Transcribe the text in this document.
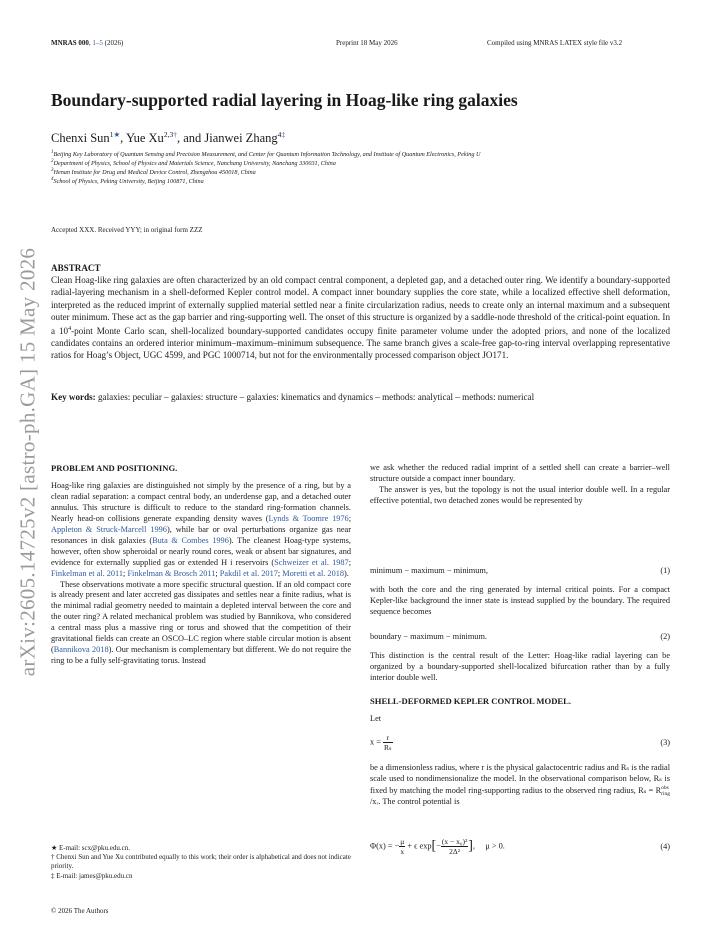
MNRAS 000, 1–5 (2026)	Preprint 18 May 2026	Compiled using MNRAS LATEX style file v3.2
arXiv:2605.14725v2 [astro-ph.GA] 15 May 2026
Boundary-supported radial layering in Hoag-like ring galaxies
Chenxi Sun$^{1★}$, Yue $Xu^{2,3\dagger}$, and Jianwei Zhang$^{4\ddagger}$
$^1$Beijing Key Laboratory of Quantum Sensing and Precision Measurement, and Center for Quantum Information Technology, and Institute of Quantum Electronics, Peking U
$^2$Department of Physics, School of Physics and Materials Science, Nanchang University, Nanchang 330031, China
$^3$Henan Institute for Drug and Medical Device Control, Zhengzhou 450018, China
$^4$School of Physics, Peking University, Beijing 100871, China
Accepted XXX. Received YYY; in original form ZZZ
ABSTRACT
Clean Hoag-like ring galaxies are often characterized by an old compact central component, a depleted gap, and a detached outer ring. We identify a boundary-supported radial-layering mechanism in a shell-deformed Kepler control model. A compact inner boundary supplies the core state, while a localized effective shell deformation, interpreted as the reduced imprint of externally supplied material settled near a finite circularization radius, needs to create only an internal maximum and a subsequent outer minimum. These act as the gap barrier and ring-supporting well. The onset of this structure is organized by a saddle-node threshold of the critical-point equation. In a $10^4$-point Monte Carlo scan, shell-localized boundary-supported candidates occupy finite parameter volume under the adopted priors, and none of the localized candidates contains an ordered interior minimum–maximum–minimum subsequence. The same branch gives a scale-free gap-to-ring interval overlapping representative ratios for Hoag’s Object, UGC 4599, and PGC 1000714, but not for the environmentally processed comparison object JO171.
Key words: galaxies: peculiar – galaxies: structure – galaxies: kinematics and dynamics – methods: analytical – methods: numerical

PROBLEM AND POSITIONING.

Hoag-like ring galaxies are distinguished not simply by the presence of a ring, but by a clean radial separation: a compact central body, an underdense gap, and a detached outer annulus. This structure is difficult to reduce to the standard ring-formation channels. Nearly head-on collisions generate expanding density waves (Lynds & Toomre 1976; Appleton & Struck-Marcell 1996), while bar or oval perturbations organize gas near resonances in disk galaxies (Buta & Combes 1996). The cleanest Hoag-type systems, however, often show spheroidal or nearly round cores, weak or absent bar signatures, and evidence for externally supplied gas or extended H i reservoirs (Schweizer et al. 1987; Finkelman et al. 2011; Finkelman & Brosch 2011; Pakdil et al. 2017; Moretti et al. 2018).

These observations motivate a more specific structural question. If an old compact core is already present and later accreted gas dissipates and settles near a finite radius, what is the minimal radial geometry needed to maintain a depleted interval between the core and the outer ring? A related mechanical problem was studied by Bannikova, who considered a central mass plus a massive ring or torus and showed that the competition of their gravitational fields can create an OSCO–LC region where stable circular motion is absent (Bannikova 2018). Our mechanism is complementary but different. We do not require the ring to be a fully self-gravitating torus. Instead

★ E-mail: scx@pku.edu.cn.
† Chenxi Sun and Yue Xu contributed equally to this work; their order is alphabetical and does not indicate priority.
‡ E-mail: james@pku.edu.cn
© 2026 The Authors

we ask whether the reduced radial imprint of a settled shell can create a barrier–well structure outside a compact inner boundary.

The answer is yes, but the topology is not the usual interior double well. In a regular effective potential, two detached zones would be represented by

minimum − maximum − minimum,	(1)
with both the core and the ring generated by internal critical points. For a compact Kepler-like background the inner state is instead supplied by the boundary. The required sequence becomes
boundary − maximum − minimum.	(2)
This distinction is the central result of the Letter: Hoag-like radial layering can be organized by a boundary-supported shell-localized bifurcation rather than by a fully interior double well.
SHELL-DEFORMED KEPLER CONTROL MODEL.
Let
$x = \frac{r}{\text{Rₛ}}$	(3)
be a dimensionless radius, where r is the physical galactocentric radius and Rₛ is the radial scale used to nondimensionalize the model. In the observational comparison below, Rₛ is fixed by matching the model ring-supporting radius to the observed ring radius, Rₛ = R obs
ring
/xᵣ. The control potential is
Φ(x) = − $\frac{\mu}{x} + \epsilon$ $\exp[- \frac{\text{(x − x₀)²}}{\text{2Δ²}}$ ],     μ > 0.	(4)
